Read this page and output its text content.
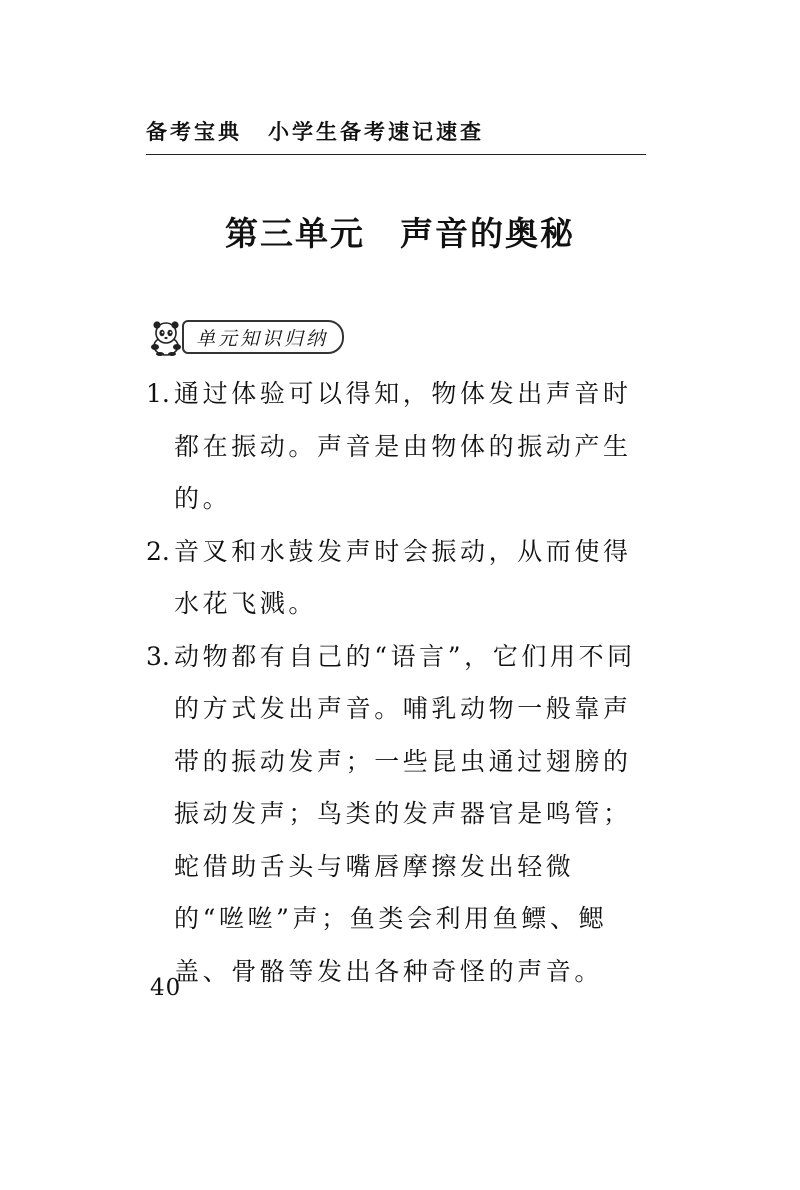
备考宝典 小学生备考速记速查
第三单元　声音的奥秘
单元知识归纳
1. 通过体验可以得知，物体发出声音时都在振动。声音是由物体的振动产生的。
2. 音叉和水鼓发声时会振动，从而使得水花飞溅。
3. 动物都有自己的“语言”，它们用不同的方式发出声音。哺乳动物一般靠声带的振动发声；一些昆虫通过翅膀的振动发声；鸟类的发声器官是鸣管；蛇借助舌头与嘴唇摩擦发出轻微的“咝咝”声；鱼类会利用鱼鳔、鳃盖、骨骼等发出各种奇怪的声音。
40
